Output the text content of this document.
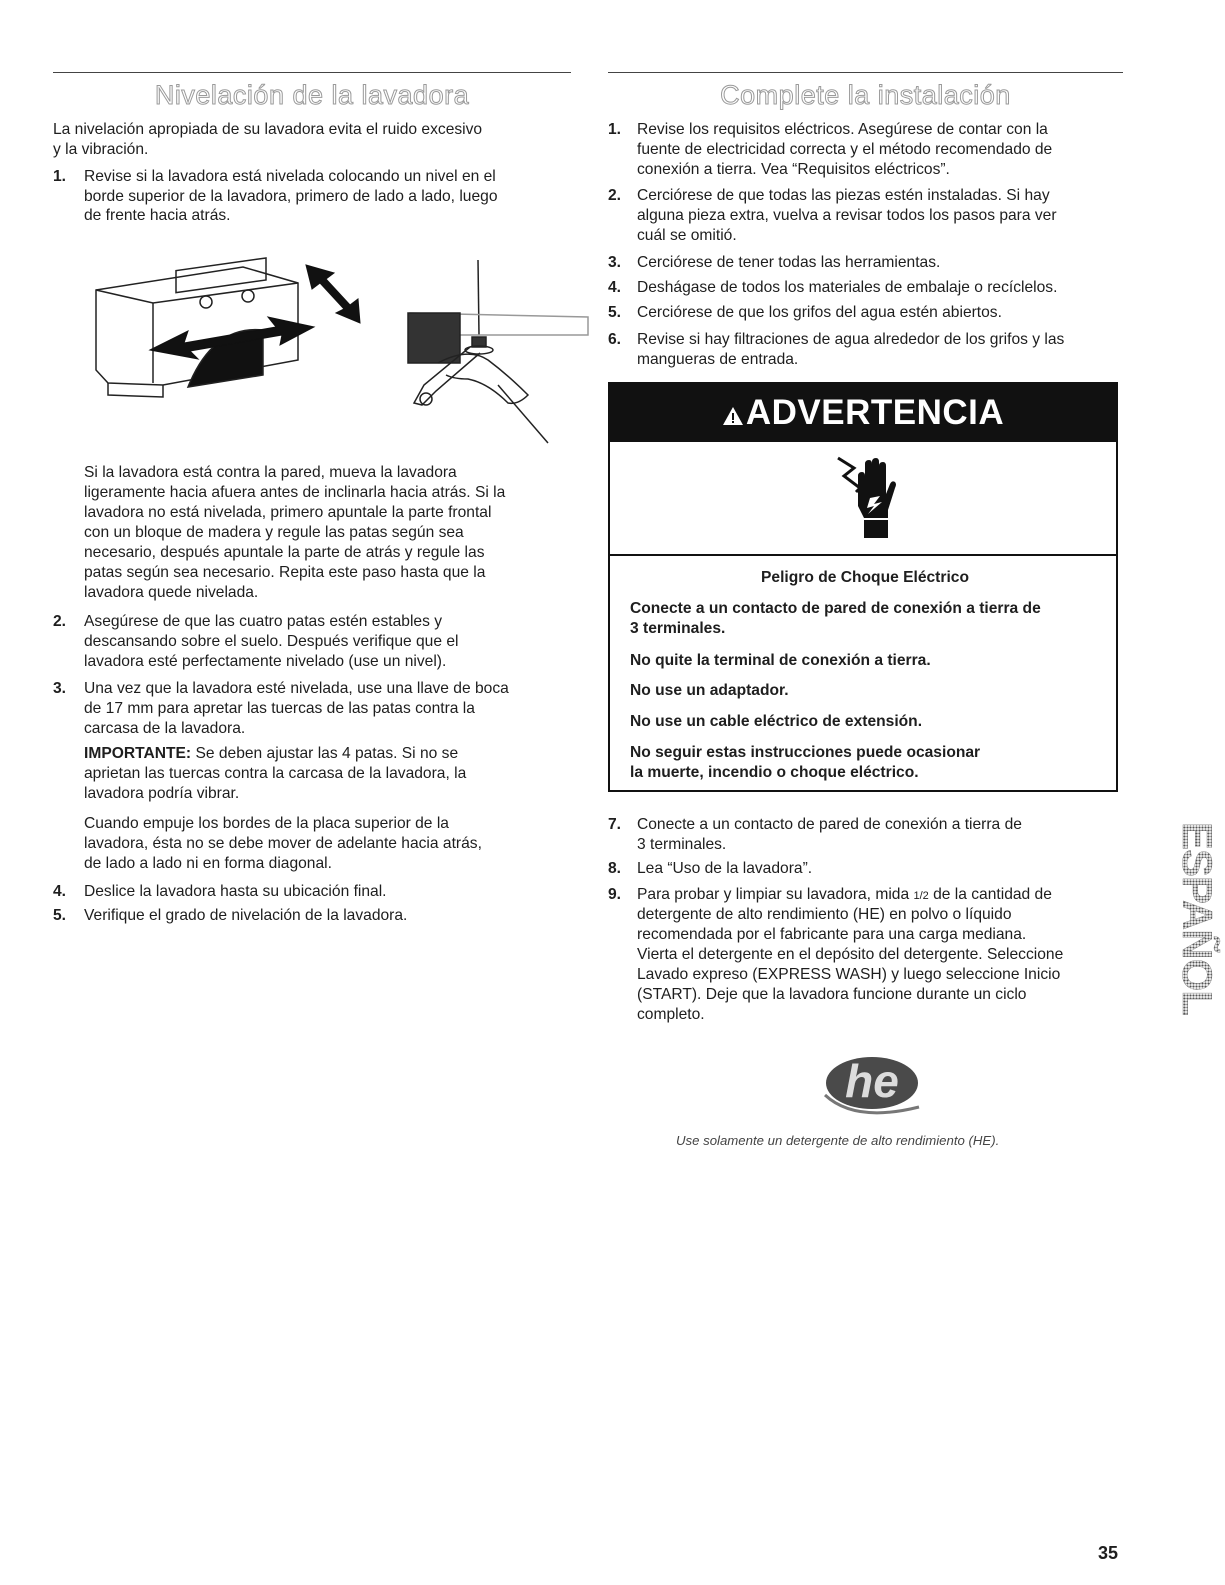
Nivelación de la lavadora

La nivelación apropiada de su lavadora evita el ruido excesivo

y la vibración.

1. Revise si la lavadora está nivelada colocando un nivel en el

borde superior de la lavadora, primero de lado a lado, luego

de frente hacia atrás.

Si la lavadora está contra la pared, mueva la lavadora

ligeramente hacia afuera antes de inclinarla hacia atrás. Si la

lavadora no está nivelada, primero apuntale la parte frontal

con un bloque de madera y regule las patas según sea

necesario, después apuntale la parte de atrás y regule las

patas según sea necesario. Repita este paso hasta que la

lavadora quede nivelada.

2. Asegúrese de que las cuatro patas estén estables y

descansando sobre el suelo. Después verifique que el

lavadora esté perfectamente nivelado (use un nivel).

3. Una vez que la lavadora esté nivelada, use una llave de boca

de 17 mm para apretar las tuercas de las patas contra la

carcasa de la lavadora.

IMPORTANTE: Se deben ajustar las 4 patas. Si no se

aprietan las tuercas contra la carcasa de la lavadora, la

lavadora podría vibrar.

Cuando empuje los bordes de la placa superior de la

lavadora, ésta no se debe mover de adelante hacia atrás,

de lado a lado ni en forma diagonal.

4. Deslice la lavadora hasta su ubicación final.

5. Verifique el grado de nivelación de la lavadora.

Complete la instalación
1. Revise los requisitos eléctricos. Asegúrese de contar con la

fuente de electricidad correcta y el método recomendado de

conexión a tierra. Vea “Requisitos eléctricos”.

2. Cerciórese de que todas las piezas estén instaladas. Si hay

alguna pieza extra, vuelva a revisar todos los pasos para ver

cuál se omitió.

3. Cerciórese de tener todas las herramientas.

4. Deshágase de todos los materiales de embalaje o recíclelos.

5. Cerciórese de que los grifos del agua estén abiertos.

6. Revise si hay filtraciones de agua alrededor de los grifos y las

mangueras de entrada.

7. Conecte a un contacto de pared de conexión a tierra de

3 terminales.

8. Lea “Uso de la lavadora”.

9. Para probar y limpiar su lavadora, mida 1/2 de la cantidad de

detergente de alto rendimiento (HE) en polvo o líquido

recomendada por el fabricante para una carga mediana.

Vierta el detergente en el depósito del detergente. Seleccione

Lavado expreso (EXPRESS WASH) y luego seleccione Inicio

(START). Deje que la lavadora funcione durante un ciclo

completo.

ADVERTENCIA

Peligro de Choque Eléctrico

Conecte a un contacto de pared de conexión a tierra de

3 terminales.

No quite la terminal de conexión a tierra.

No use un adaptador.

No use un cable eléctrico de extensión.

No seguir estas instrucciones puede ocasionar

la muerte, incendio o choque eléctrico.

he
Use solamente un detergente de alto rendimiento (HE).
ESPAÑOL
35
